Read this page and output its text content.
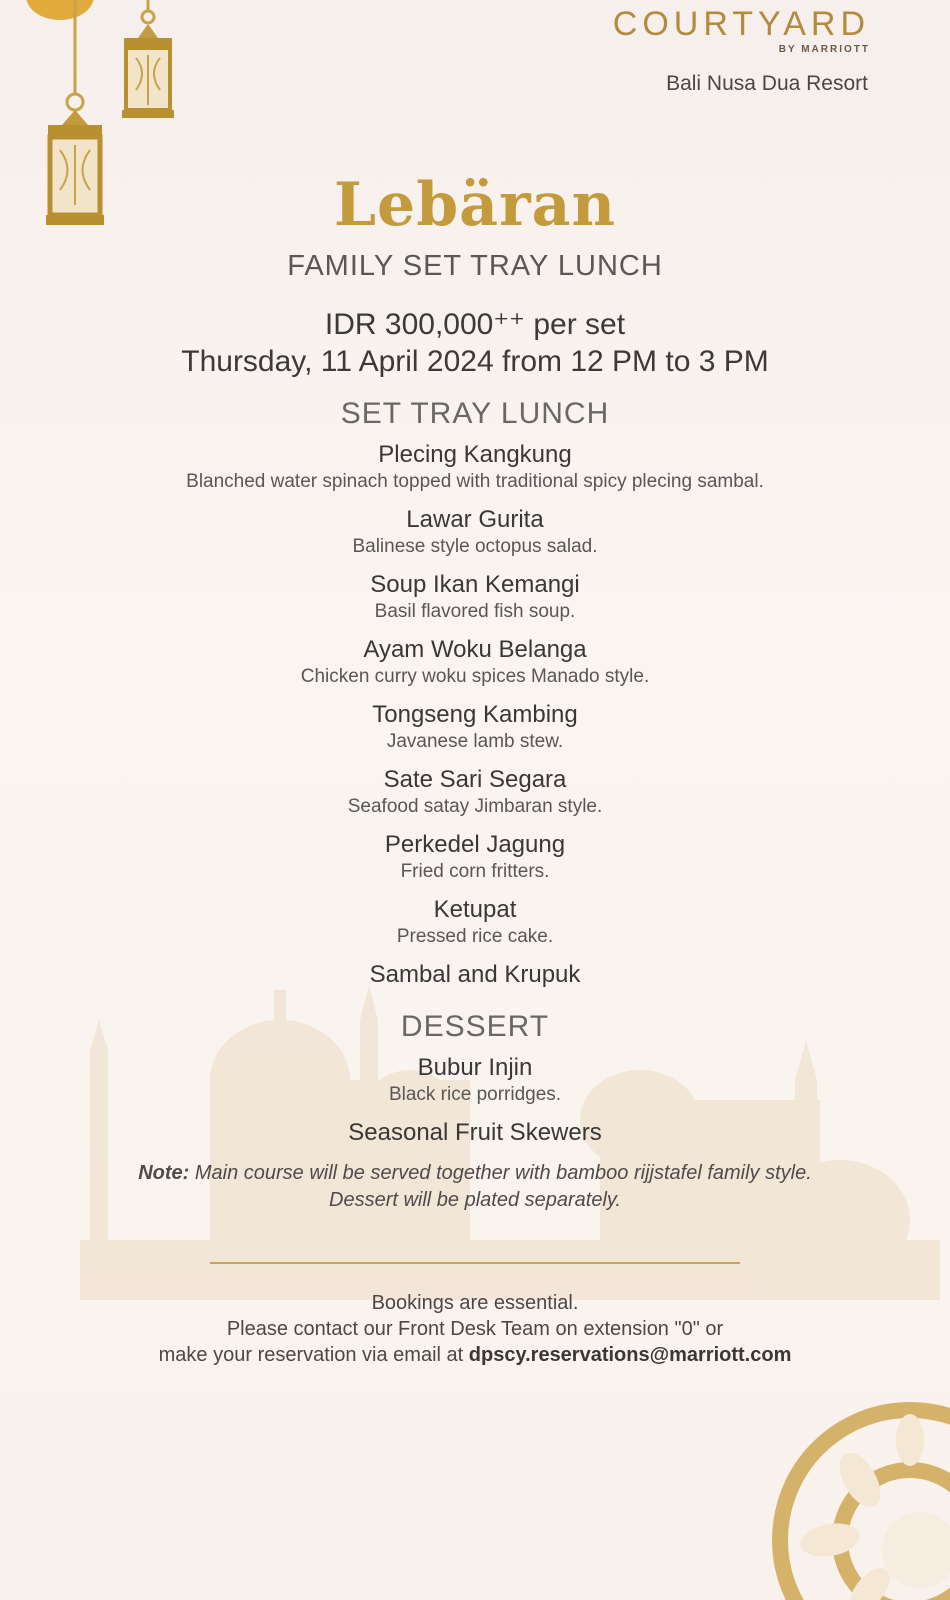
COURTYARD
BY MARRIOTT
Bali Nusa Dua Resort
Lebäran
FAMILY SET TRAY LUNCH
IDR 300,000⁺⁺ per set
Thursday, 11 April 2024 from 12 PM to 3 PM
SET TRAY LUNCH
Plecing Kangkung
Blanched water spinach topped with traditional spicy plecing sambal.
Lawar Gurita
Balinese style octopus salad.
Soup Ikan Kemangi
Basil flavored fish soup.
Ayam Woku Belanga
Chicken curry woku spices Manado style.
Tongseng Kambing
Javanese lamb stew.
Sate Sari Segara
Seafood satay Jimbaran style.
Perkedel Jagung
Fried corn fritters.
Ketupat
Pressed rice cake.
Sambal and Krupuk
DESSERT
Bubur Injin
Black rice porridges.
Seasonal Fruit Skewers
Note: Main course will be served together with bamboo rijjstafel family style.
Dessert will be plated separately.
Bookings are essential.
Please contact our Front Desk Team on extension "0" or
make your reservation via email at dpscy.reservations@marriott.com
